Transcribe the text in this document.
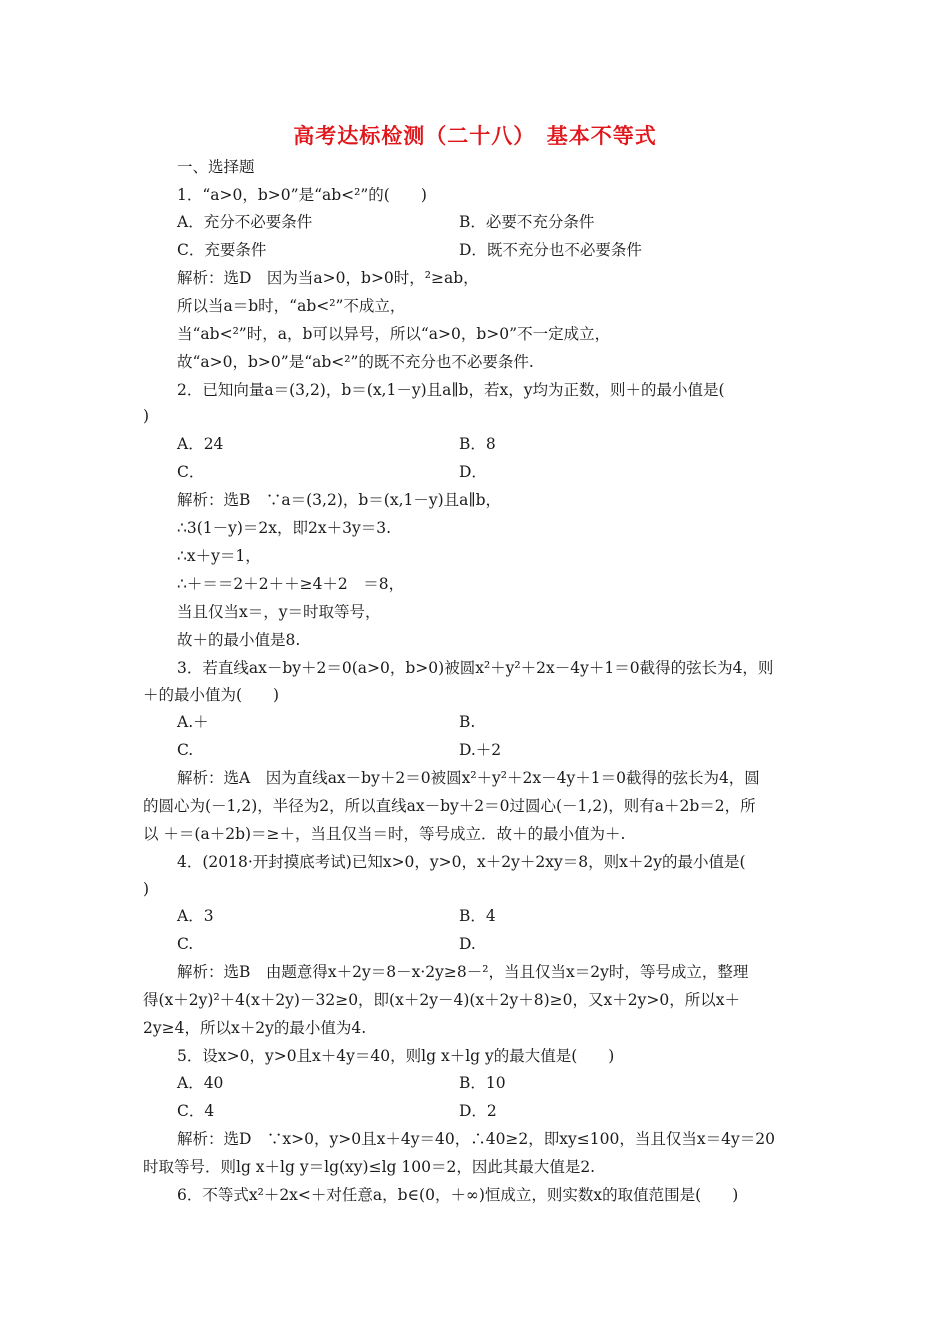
高考达标检测（二十八）　基本不等式
一、选择题
1．“a>0，b>0”是“ab<²”的(　　)
A．充分不必要条件	B．必要不充分条件
C．充要条件	D．既不充分也不必要条件
解析：选D　因为当a>0，b>0时，²≥ab，
所以当a＝b时，“ab<²”不成立，
当“ab<²”时，a，b可以异号，所以“a>0，b>0”不一定成立，
故“a>0，b>0”是“ab<²”的既不充分也不必要条件.
2．已知向量a＝(3,2)，b＝(x,1－y)且a∥b，若x，y均为正数，则＋的最小值是(
)
A．24	B．8
C．	D．
解析：选B　∵a＝(3,2)，b＝(x,1－y)且a∥b，
∴3(1－y)＝2x，即2x＋3y＝3.
∴x＋y＝1，
∴＋＝＝2＋2＋＋≥4＋2　＝8，
当且仅当x＝，y＝时取等号，
故＋的最小值是8.
3．若直线ax－by＋2＝0(a>0，b>0)被圆x²＋y²＋2x－4y＋1＝0截得的弦长为4，则
＋的最小值为(　　)
A.＋	B.
C.	D.＋2
解析：选A　因为直线ax－by＋2＝0被圆x²＋y²＋2x－4y＋1＝0截得的弦长为4，圆
的圆心为(－1,2)，半径为2，所以直线ax－by＋2＝0过圆心(－1,2)，则有a＋2b＝2，所
以 ＋＝(a＋2b)＝≥＋，当且仅当＝时，等号成立．故＋的最小值为＋.
4．(2018·开封摸底考试)已知x>0，y>0，x＋2y＋2xy＝8，则x＋2y的最小值是(
)
A．3	B．4
C.	D.
解析：选B　由题意得x＋2y＝8－x·2y≥8－²，当且仅当x＝2y时，等号成立，整理
得(x＋2y)²＋4(x＋2y)－32≥0，即(x＋2y－4)(x＋2y＋8)≥0，又x＋2y>0，所以x＋
2y≥4，所以x＋2y的最小值为4.
5．设x>0，y>0且x＋4y＝40，则lg x＋lg y的最大值是(　　)
A．40	B．10
C．4	D．2
解析：选D　∵x>0，y>0且x＋4y＝40，∴40≥2，即xy≤100，当且仅当x＝4y＝20
时取等号．则lg x＋lg y＝lg(xy)≤lg 100＝2，因此其最大值是2.
6．不等式x²＋2x<＋对任意a，b∈(0，＋∞)恒成立，则实数x的取值范围是(　　)
